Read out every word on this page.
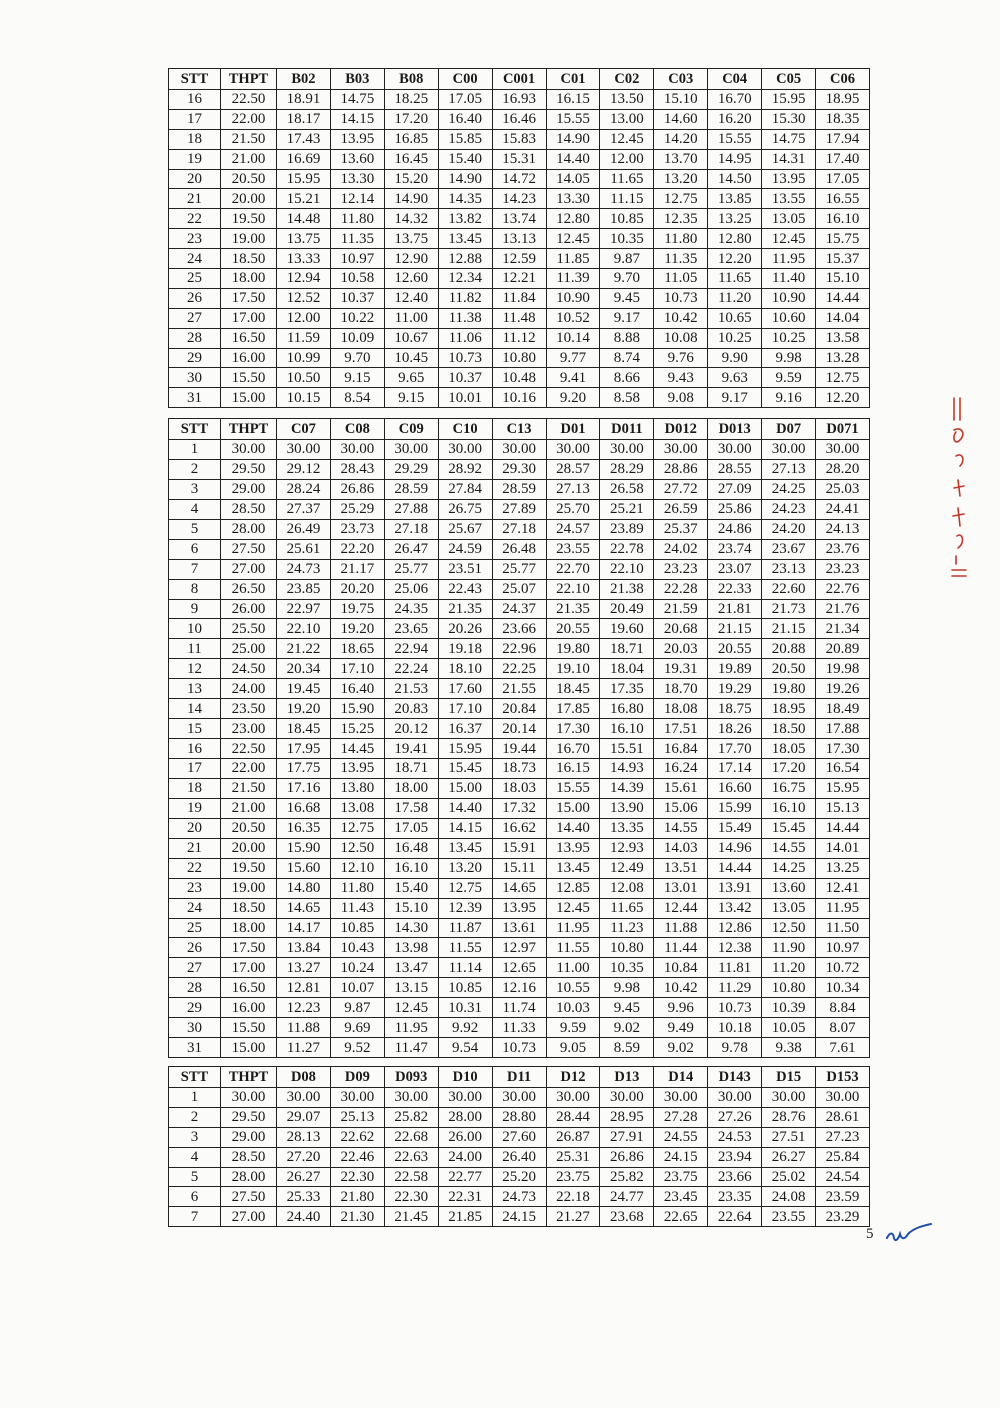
STT	THPT	B02	B03	B08	C00	C001	C01	C02	C03	C04	C05	C06
16	22.50	18.91	14.75	18.25	17.05	16.93	16.15	13.50	15.10	16.70	15.95	18.95
17	22.00	18.17	14.15	17.20	16.40	16.46	15.55	13.00	14.60	16.20	15.30	18.35
18	21.50	17.43	13.95	16.85	15.85	15.83	14.90	12.45	14.20	15.55	14.75	17.94
19	21.00	16.69	13.60	16.45	15.40	15.31	14.40	12.00	13.70	14.95	14.31	17.40
20	20.50	15.95	13.30	15.20	14.90	14.72	14.05	11.65	13.20	14.50	13.95	17.05
21	20.00	15.21	12.14	14.90	14.35	14.23	13.30	11.15	12.75	13.85	13.55	16.55
22	19.50	14.48	11.80	14.32	13.82	13.74	12.80	10.85	12.35	13.25	13.05	16.10
23	19.00	13.75	11.35	13.75	13.45	13.13	12.45	10.35	11.80	12.80	12.45	15.75
24	18.50	13.33	10.97	12.90	12.88	12.59	11.85	9.87	11.35	12.20	11.95	15.37
25	18.00	12.94	10.58	12.60	12.34	12.21	11.39	9.70	11.05	11.65	11.40	15.10
26	17.50	12.52	10.37	12.40	11.82	11.84	10.90	9.45	10.73	11.20	10.90	14.44
27	17.00	12.00	10.22	11.00	11.38	11.48	10.52	9.17	10.42	10.65	10.60	14.04
28	16.50	11.59	10.09	10.67	11.06	11.12	10.14	8.88	10.08	10.25	10.25	13.58
29	16.00	10.99	9.70	10.45	10.73	10.80	9.77	8.74	9.76	9.90	9.98	13.28
30	15.50	10.50	9.15	9.65	10.37	10.48	9.41	8.66	9.43	9.63	9.59	12.75
31	15.00	10.15	8.54	9.15	10.01	10.16	9.20	8.58	9.08	9.17	9.16	12.20
STT	THPT	C07	C08	C09	C10	C13	D01	D011	D012	D013	D07	D071
1	30.00	30.00	30.00	30.00	30.00	30.00	30.00	30.00	30.00	30.00	30.00	30.00
2	29.50	29.12	28.43	29.29	28.92	29.30	28.57	28.29	28.86	28.55	27.13	28.20
3	29.00	28.24	26.86	28.59	27.84	28.59	27.13	26.58	27.72	27.09	24.25	25.03
4	28.50	27.37	25.29	27.88	26.75	27.89	25.70	25.21	26.59	25.86	24.23	24.41
5	28.00	26.49	23.73	27.18	25.67	27.18	24.57	23.89	25.37	24.86	24.20	24.13
6	27.50	25.61	22.20	26.47	24.59	26.48	23.55	22.78	24.02	23.74	23.67	23.76
7	27.00	24.73	21.17	25.77	23.51	25.77	22.70	22.10	23.23	23.07	23.13	23.23
8	26.50	23.85	20.20	25.06	22.43	25.07	22.10	21.38	22.28	22.33	22.60	22.76
9	26.00	22.97	19.75	24.35	21.35	24.37	21.35	20.49	21.59	21.81	21.73	21.76
10	25.50	22.10	19.20	23.65	20.26	23.66	20.55	19.60	20.68	21.15	21.15	21.34
11	25.00	21.22	18.65	22.94	19.18	22.96	19.80	18.71	20.03	20.55	20.88	20.89
12	24.50	20.34	17.10	22.24	18.10	22.25	19.10	18.04	19.31	19.89	20.50	19.98
13	24.00	19.45	16.40	21.53	17.60	21.55	18.45	17.35	18.70	19.29	19.80	19.26
14	23.50	19.20	15.90	20.83	17.10	20.84	17.85	16.80	18.08	18.75	18.95	18.49
15	23.00	18.45	15.25	20.12	16.37	20.14	17.30	16.10	17.51	18.26	18.50	17.88
16	22.50	17.95	14.45	19.41	15.95	19.44	16.70	15.51	16.84	17.70	18.05	17.30
17	22.00	17.75	13.95	18.71	15.45	18.73	16.15	14.93	16.24	17.14	17.20	16.54
18	21.50	17.16	13.80	18.00	15.00	18.03	15.55	14.39	15.61	16.60	16.75	15.95
19	21.00	16.68	13.08	17.58	14.40	17.32	15.00	13.90	15.06	15.99	16.10	15.13
20	20.50	16.35	12.75	17.05	14.15	16.62	14.40	13.35	14.55	15.49	15.45	14.44
21	20.00	15.90	12.50	16.48	13.45	15.91	13.95	12.93	14.03	14.96	14.55	14.01
22	19.50	15.60	12.10	16.10	13.20	15.11	13.45	12.49	13.51	14.44	14.25	13.25
23	19.00	14.80	11.80	15.40	12.75	14.65	12.85	12.08	13.01	13.91	13.60	12.41
24	18.50	14.65	11.43	15.10	12.39	13.95	12.45	11.65	12.44	13.42	13.05	11.95
25	18.00	14.17	10.85	14.30	11.87	13.61	11.95	11.23	11.88	12.86	12.50	11.50
26	17.50	13.84	10.43	13.98	11.55	12.97	11.55	10.80	11.44	12.38	11.90	10.97
27	17.00	13.27	10.24	13.47	11.14	12.65	11.00	10.35	10.84	11.81	11.20	10.72
28	16.50	12.81	10.07	13.15	10.85	12.16	10.55	9.98	10.42	11.29	10.80	10.34
29	16.00	12.23	9.87	12.45	10.31	11.74	10.03	9.45	9.96	10.73	10.39	8.84
30	15.50	11.88	9.69	11.95	9.92	11.33	9.59	9.02	9.49	10.18	10.05	8.07
31	15.00	11.27	9.52	11.47	9.54	10.73	9.05	8.59	9.02	9.78	9.38	7.61
STT	THPT	D08	D09	D093	D10	D11	D12	D13	D14	D143	D15	D153
1	30.00	30.00	30.00	30.00	30.00	30.00	30.00	30.00	30.00	30.00	30.00	30.00
2	29.50	29.07	25.13	25.82	28.00	28.80	28.44	28.95	27.28	27.26	28.76	28.61
3	29.00	28.13	22.62	22.68	26.00	27.60	26.87	27.91	24.55	24.53	27.51	27.23
4	28.50	27.20	22.46	22.63	24.00	26.40	25.31	26.86	24.15	23.94	26.27	25.84
5	28.00	26.27	22.30	22.58	22.77	25.20	23.75	25.82	23.75	23.66	25.02	24.54
6	27.50	25.33	21.80	22.30	22.31	24.73	22.18	24.77	23.45	23.35	24.08	23.59
7	27.00	24.40	21.30	21.45	21.85	24.15	21.27	23.68	22.65	22.64	23.55	23.29
5
